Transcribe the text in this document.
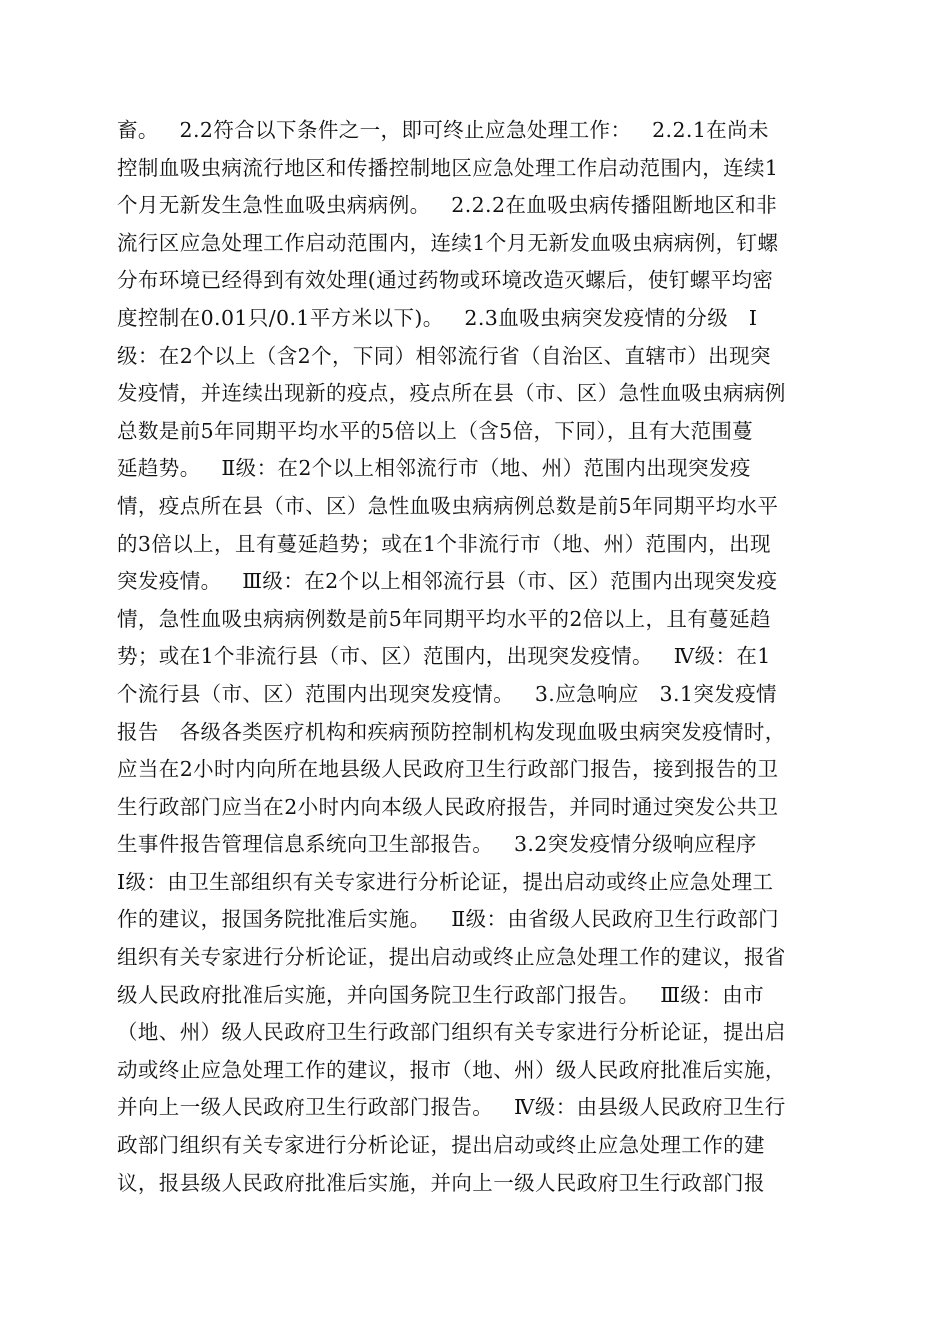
畜。   2.2符合以下条件之一，即可终止应急处理工作：   2.2.1在尚未
控制血吸虫病流行地区和传播控制地区应急处理工作启动范围内，连续1
个月无新发生急性血吸虫病病例。   2.2.2在血吸虫病传播阻断地区和非
流行区应急处理工作启动范围内，连续1个月无新发血吸虫病病例，钉螺
分布环境已经得到有效处理(通过药物或环境改造灭螺后，使钉螺平均密
度控制在0.01只/0.1平方米以下)。   2.3血吸虫病突发疫情的分级   Ⅰ
级：在2个以上（含2个，下同）相邻流行省（自治区、直辖市）出现突
发疫情，并连续出现新的疫点，疫点所在县（市、区）急性血吸虫病病例
总数是前5年同期平均水平的5倍以上（含5倍，下同），且有大范围蔓
延趋势。   Ⅱ级：在2个以上相邻流行市（地、州）范围内出现突发疫
情，疫点所在县（市、区）急性血吸虫病病例总数是前5年同期平均水平
的3倍以上，且有蔓延趋势；或在1个非流行市（地、州）范围内，出现
突发疫情。   Ⅲ级：在2个以上相邻流行县（市、区）范围内出现突发疫
情，急性血吸虫病病例数是前5年同期平均水平的2倍以上，且有蔓延趋
势；或在1个非流行县（市、区）范围内，出现突发疫情。   Ⅳ级：在1
个流行县（市、区）范围内出现突发疫情。   3.应急响应   3.1突发疫情
报告   各级各类医疗机构和疾病预防控制机构发现血吸虫病突发疫情时，
应当在2小时内向所在地县级人民政府卫生行政部门报告，接到报告的卫
生行政部门应当在2小时内向本级人民政府报告，并同时通过突发公共卫
生事件报告管理信息系统向卫生部报告。   3.2突发疫情分级响应程序
Ⅰ级：由卫生部组织有关专家进行分析论证，提出启动或终止应急处理工
作的建议，报国务院批准后实施。   Ⅱ级：由省级人民政府卫生行政部门
组织有关专家进行分析论证，提出启动或终止应急处理工作的建议，报省
级人民政府批准后实施，并向国务院卫生行政部门报告。   Ⅲ级：由市
（地、州）级人民政府卫生行政部门组织有关专家进行分析论证，提出启
动或终止应急处理工作的建议，报市（地、州）级人民政府批准后实施，
并向上一级人民政府卫生行政部门报告。   Ⅳ级：由县级人民政府卫生行
政部门组织有关专家进行分析论证，提出启动或终止应急处理工作的建
议，报县级人民政府批准后实施，并向上一级人民政府卫生行政部门报
